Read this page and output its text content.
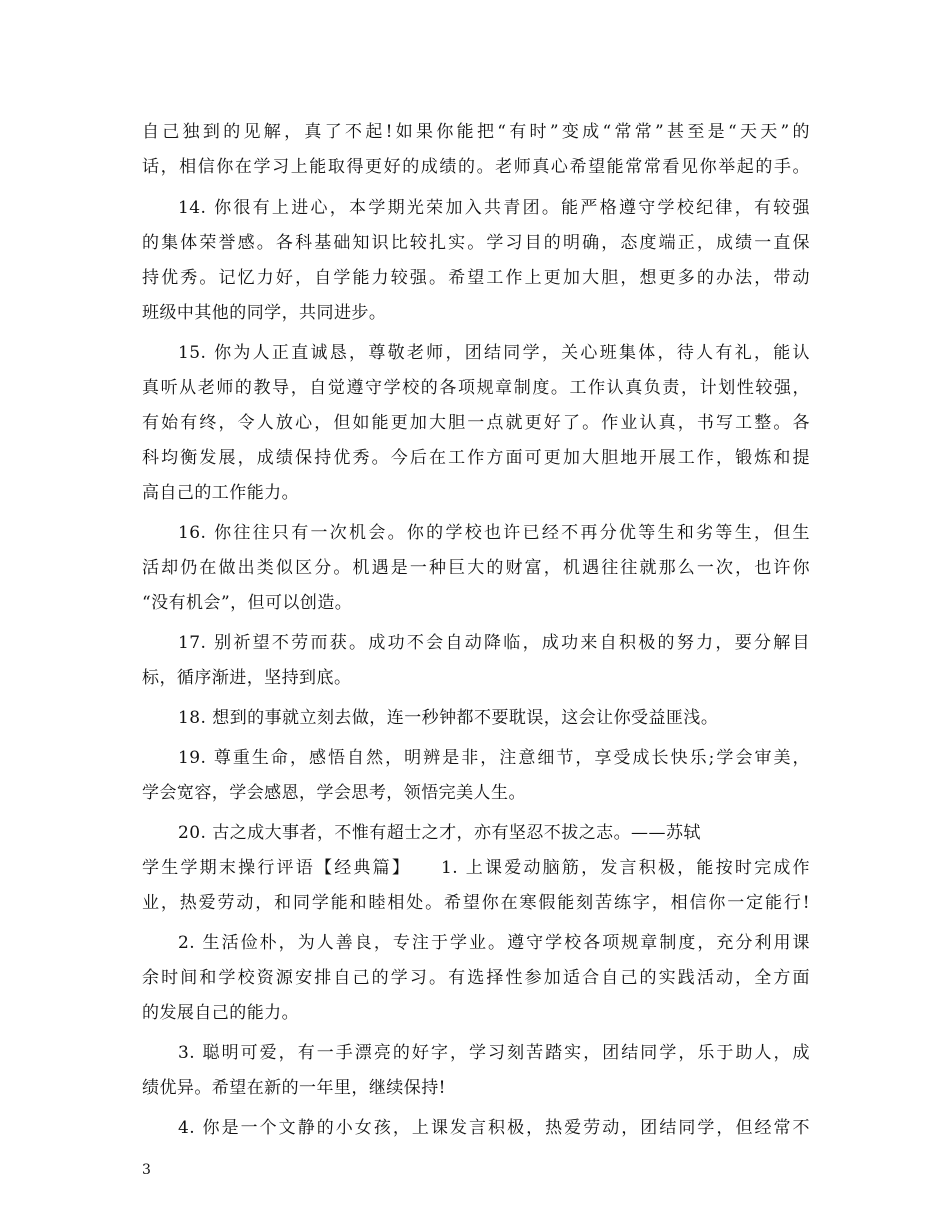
自己独到的见解，真了不起!如果你能把“有时”变成“常常”甚至是“天天”的
话，相信你在学习上能取得更好的成绩的。老师真心希望能常常看见你举起的手。
14. 你很有上进心，本学期光荣加入共青团。能严格遵守学校纪律，有较强
的集体荣誉感。各科基础知识比较扎实。学习目的明确，态度端正，成绩一直保
持优秀。记忆力好，自学能力较强。希望工作上更加大胆，想更多的办法，带动
班级中其他的同学，共同进步。
15. 你为人正直诚恳，尊敬老师，团结同学，关心班集体，待人有礼，能认
真听从老师的教导，自觉遵守学校的各项规章制度。工作认真负责，计划性较强，
有始有终，令人放心，但如能更加大胆一点就更好了。作业认真，书写工整。各
科均衡发展，成绩保持优秀。今后在工作方面可更加大胆地开展工作，锻炼和提
高自己的工作能力。
16. 你往往只有一次机会。你的学校也许已经不再分优等生和劣等生，但生
活却仍在做出类似区分。机遇是一种巨大的财富，机遇往往就那么一次，也许你
“没有机会”，但可以创造。
17. 别祈望不劳而获。成功不会自动降临，成功来自积极的努力，要分解目
标，循序渐进，坚持到底。
18. 想到的事就立刻去做，连一秒钟都不要耽误，这会让你受益匪浅。
19. 尊重生命，感悟自然，明辨是非，注意细节，享受成长快乐;学会审美，
学会宽容，学会感恩，学会思考，领悟完美人生。
20. 古之成大事者，不惟有超士之才，亦有坚忍不拔之志。——苏轼
学生学期末操行评语【经典篇】　　1. 上课爱动脑筋，发言积极，能按时完成作
业，热爱劳动，和同学能和睦相处。希望你在寒假能刻苦练字，相信你一定能行!
2. 生活俭朴，为人善良，专注于学业。遵守学校各项规章制度，充分利用课
余时间和学校资源安排自己的学习。有选择性参加适合自己的实践活动，全方面
的发展自己的能力。
3. 聪明可爱，有一手漂亮的好字，学习刻苦踏实，团结同学，乐于助人，成
绩优异。希望在新的一年里，继续保持!
4. 你是一个文静的小女孩，上课发言积极，热爱劳动，团结同学，但经常不
3
